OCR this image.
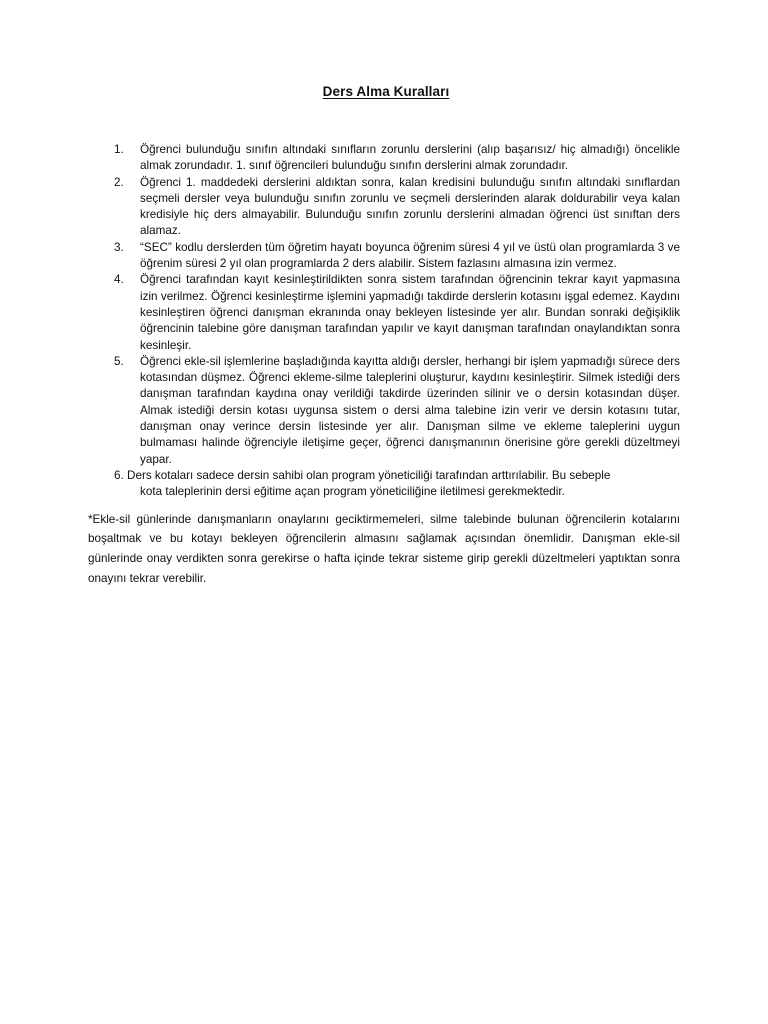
Ders Alma Kuralları
1. Öğrenci bulunduğu sınıfın altındaki sınıfların zorunlu derslerini (alıp başarısız/ hiç almadığı) öncelikle almak zorundadır. 1. sınıf öğrencileri bulunduğu sınıfın derslerini almak zorundadır.
2. Öğrenci 1. maddedeki derslerini aldıktan sonra, kalan kredisini bulunduğu sınıfın altındaki sınıflardan seçmeli dersler veya bulunduğu sınıfın zorunlu ve seçmeli derslerinden alarak doldurabilir veya kalan kredisiyle hiç ders almayabilir. Bulunduğu sınıfın zorunlu derslerini almadan öğrenci üst sınıftan ders alamaz.
3. “SEC” kodlu derslerden tüm öğretim hayatı boyunca öğrenim süresi 4 yıl ve üstü olan programlarda 3 ve öğrenim süresi 2 yıl olan programlarda 2 ders alabilir. Sistem fazlasını almasına izin vermez.
4. Öğrenci tarafından kayıt kesinleştirildikten sonra sistem tarafından öğrencinin tekrar kayıt yapmasına izin verilmez. Öğrenci kesinleştirme işlemini yapmadığı takdirde derslerin kotasını işgal edemez. Kaydını kesinleştiren öğrenci danışman ekranında onay bekleyen listesinde yer alır. Bundan sonraki değişiklik öğrencinin talebine göre danışman tarafından yapılır ve kayıt danışman tarafından onaylandıktan sonra kesinleşir.
5. Öğrenci ekle-sil işlemlerine başladığında kayıtta aldığı dersler, herhangi bir işlem yapmadığı sürece ders kotasından düşmez. Öğrenci ekleme-silme taleplerini oluşturur, kaydını kesinleştirir. Silmek istediği ders danışman tarafından kaydına onay verildiği takdirde üzerinden silinir ve o dersin kotasından düşer. Almak istediği dersin kotası uygunsa sistem o dersi alma talebine izin verir ve dersin kotasını tutar, danışman onay verince dersin listesinde yer alır. Danışman silme ve ekleme taleplerini uygun bulmaması halinde öğrenciyle iletişime geçer, öğrenci danışmanının önerisine göre gerekli düzeltmeyi yapar.
6. Ders kotaları sadece dersin sahibi olan program yöneticiliği tarafından arttırılabilir. Bu sebeple
kota taleplerinin dersi eğitime açan program yöneticiliğine iletilmesi gerekmektedir.

*Ekle-sil günlerinde danışmanların onaylarını geciktirmemeleri, silme talebinde bulunan öğrencilerin kotalarını boşaltmak ve bu kotayı bekleyen öğrencilerin almasını sağlamak açısından önemlidir. Danışman ekle-sil günlerinde onay verdikten sonra gerekirse o hafta içinde tekrar sisteme girip gerekli düzeltmeleri yaptıktan sonra onayını tekrar verebilir.
